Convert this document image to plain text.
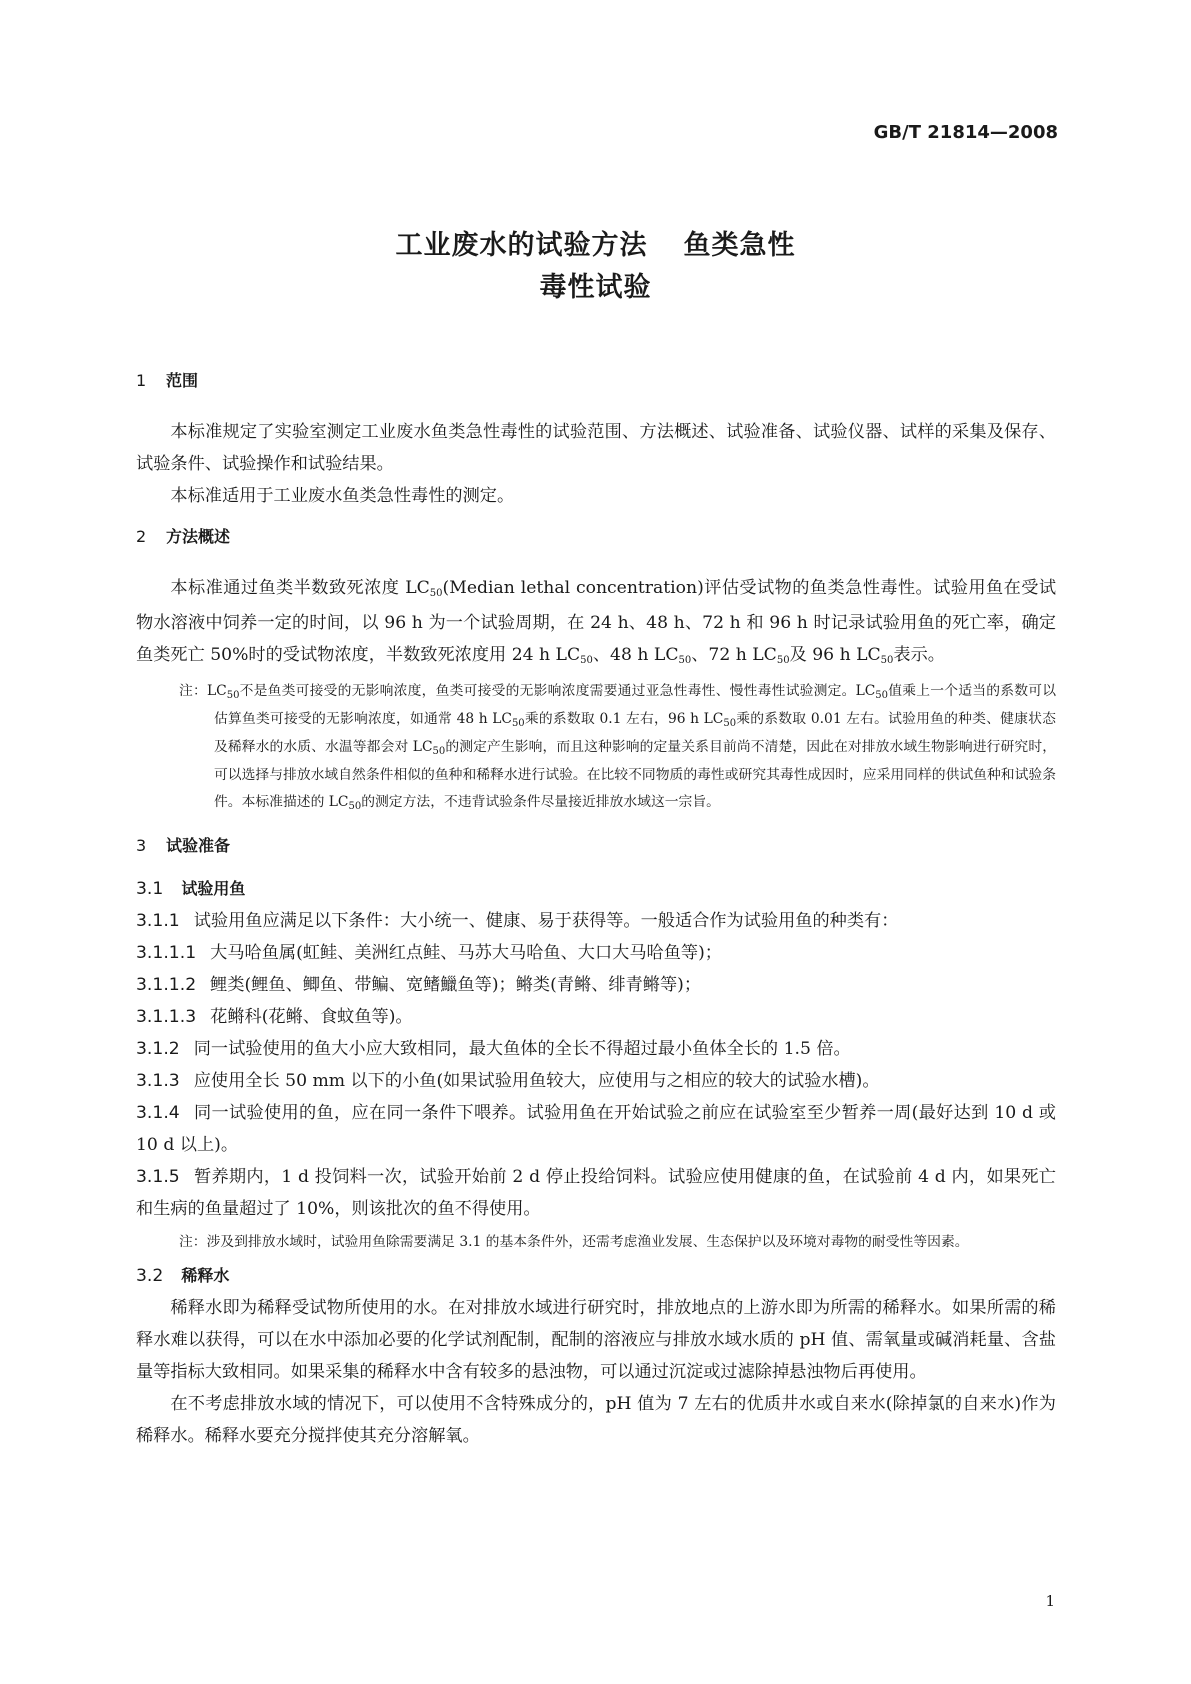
GB/T 21814—2008
工业废水的试验方法 鱼类急性
毒性试验
1 范围

本标准规定了实验室测定工业废水鱼类急性毒性的试验范围、方法概述、试验准备、试验仪器、试样的采集及保存、试验条件、试验操作和试验结果。

本标准适用于工业废水鱼类急性毒性的测定。

2 方法概述

本标准通过鱼类半数致死浓度 LC50(Median lethal concentration)评估受试物的鱼类急性毒性。试验用鱼在受试物水溶液中饲养一定的时间，以 96 h 为一个试验周期，在 24 h、48 h、72 h 和 96 h 时记录试验用鱼的死亡率，确定鱼类死亡 50%时的受试物浓度，半数致死浓度用 24 h LC50、48 h LC50、72 h LC50及 96 h LC50表示。

注：$LC_{50}$不是鱼类可接受的无影响浓度，鱼类可接受的无影响浓度需要通过亚急性毒性、慢性毒性试验测定。$LC_{50}$值乘上一个适当的系数可以估算鱼类可接受的无影响浓度，如通常 48 h $LC_{50}$乘的系数取 0.1 左右，96 h $LC_{50}$乘的系数取 0.01 左右。试验用鱼的种类、健康状态及稀释水的水质、水温等都会对 $LC_{50}$的测定产生影响，而且这种影响的定量关系目前尚不清楚，因此在对排放水域生物影响进行研究时，可以选择与排放水域自然条件相似的鱼种和稀释水进行试验。在比较不同物质的毒性或研究其毒性成因时，应采用同样的供试鱼种和试验条件。本标准描述的 $LC_{50}$的测定方法，不违背试验条件尽量接近排放水域这一宗旨。

3 试验准备
3.1 试验用鱼

3.1.1 试验用鱼应满足以下条件：大小统一、健康、易于获得等。一般适合作为试验用鱼的种类有：

3.1.1.1 大马哈鱼属(虹鲑、美洲红点鲑、马苏大马哈鱼、大口大马哈鱼等)；

3.1.1.2 鲤类(鲤鱼、鲫鱼、带鳊、宽鳍鱲鱼等)；鳉类(青鳉、绯青鳉等)；

3.1.1.3 花鳉科(花鳉、食蚊鱼等)。

3.1.2 同一试验使用的鱼大小应大致相同，最大鱼体的全长不得超过最小鱼体全长的 1.5 倍。

3.1.3 应使用全长 50 mm 以下的小鱼(如果试验用鱼较大，应使用与之相应的较大的试验水槽)。

3.1.4 同一试验使用的鱼，应在同一条件下喂养。试验用鱼在开始试验之前应在试验室至少暂养一周(最好达到 10 d 或 10 d 以上)。

3.1.5 暂养期内，1 d 投饲料一次，试验开始前 2 d 停止投给饲料。试验应使用健康的鱼，在试验前 4 d 内，如果死亡和生病的鱼量超过了 10%，则该批次的鱼不得使用。

注：涉及到排放水域时，试验用鱼除需要满足 3.1 的基本条件外，还需考虑渔业发展、生态保护以及环境对毒物的耐受性等因素。

3.2 稀释水

稀释水即为稀释受试物所使用的水。在对排放水域进行研究时，排放地点的上游水即为所需的稀释水。如果所需的稀释水难以获得，可以在水中添加必要的化学试剂配制，配制的溶液应与排放水域水质的 pH 值、需氧量或碱消耗量、含盐量等指标大致相同。如果采集的稀释水中含有较多的悬浊物，可以通过沉淀或过滤除掉悬浊物后再使用。

在不考虑排放水域的情况下，可以使用不含特殊成分的，pH 值为 7 左右的优质井水或自来水(除掉氯的自来水)作为稀释水。稀释水要充分搅拌使其充分溶解氧。

1
